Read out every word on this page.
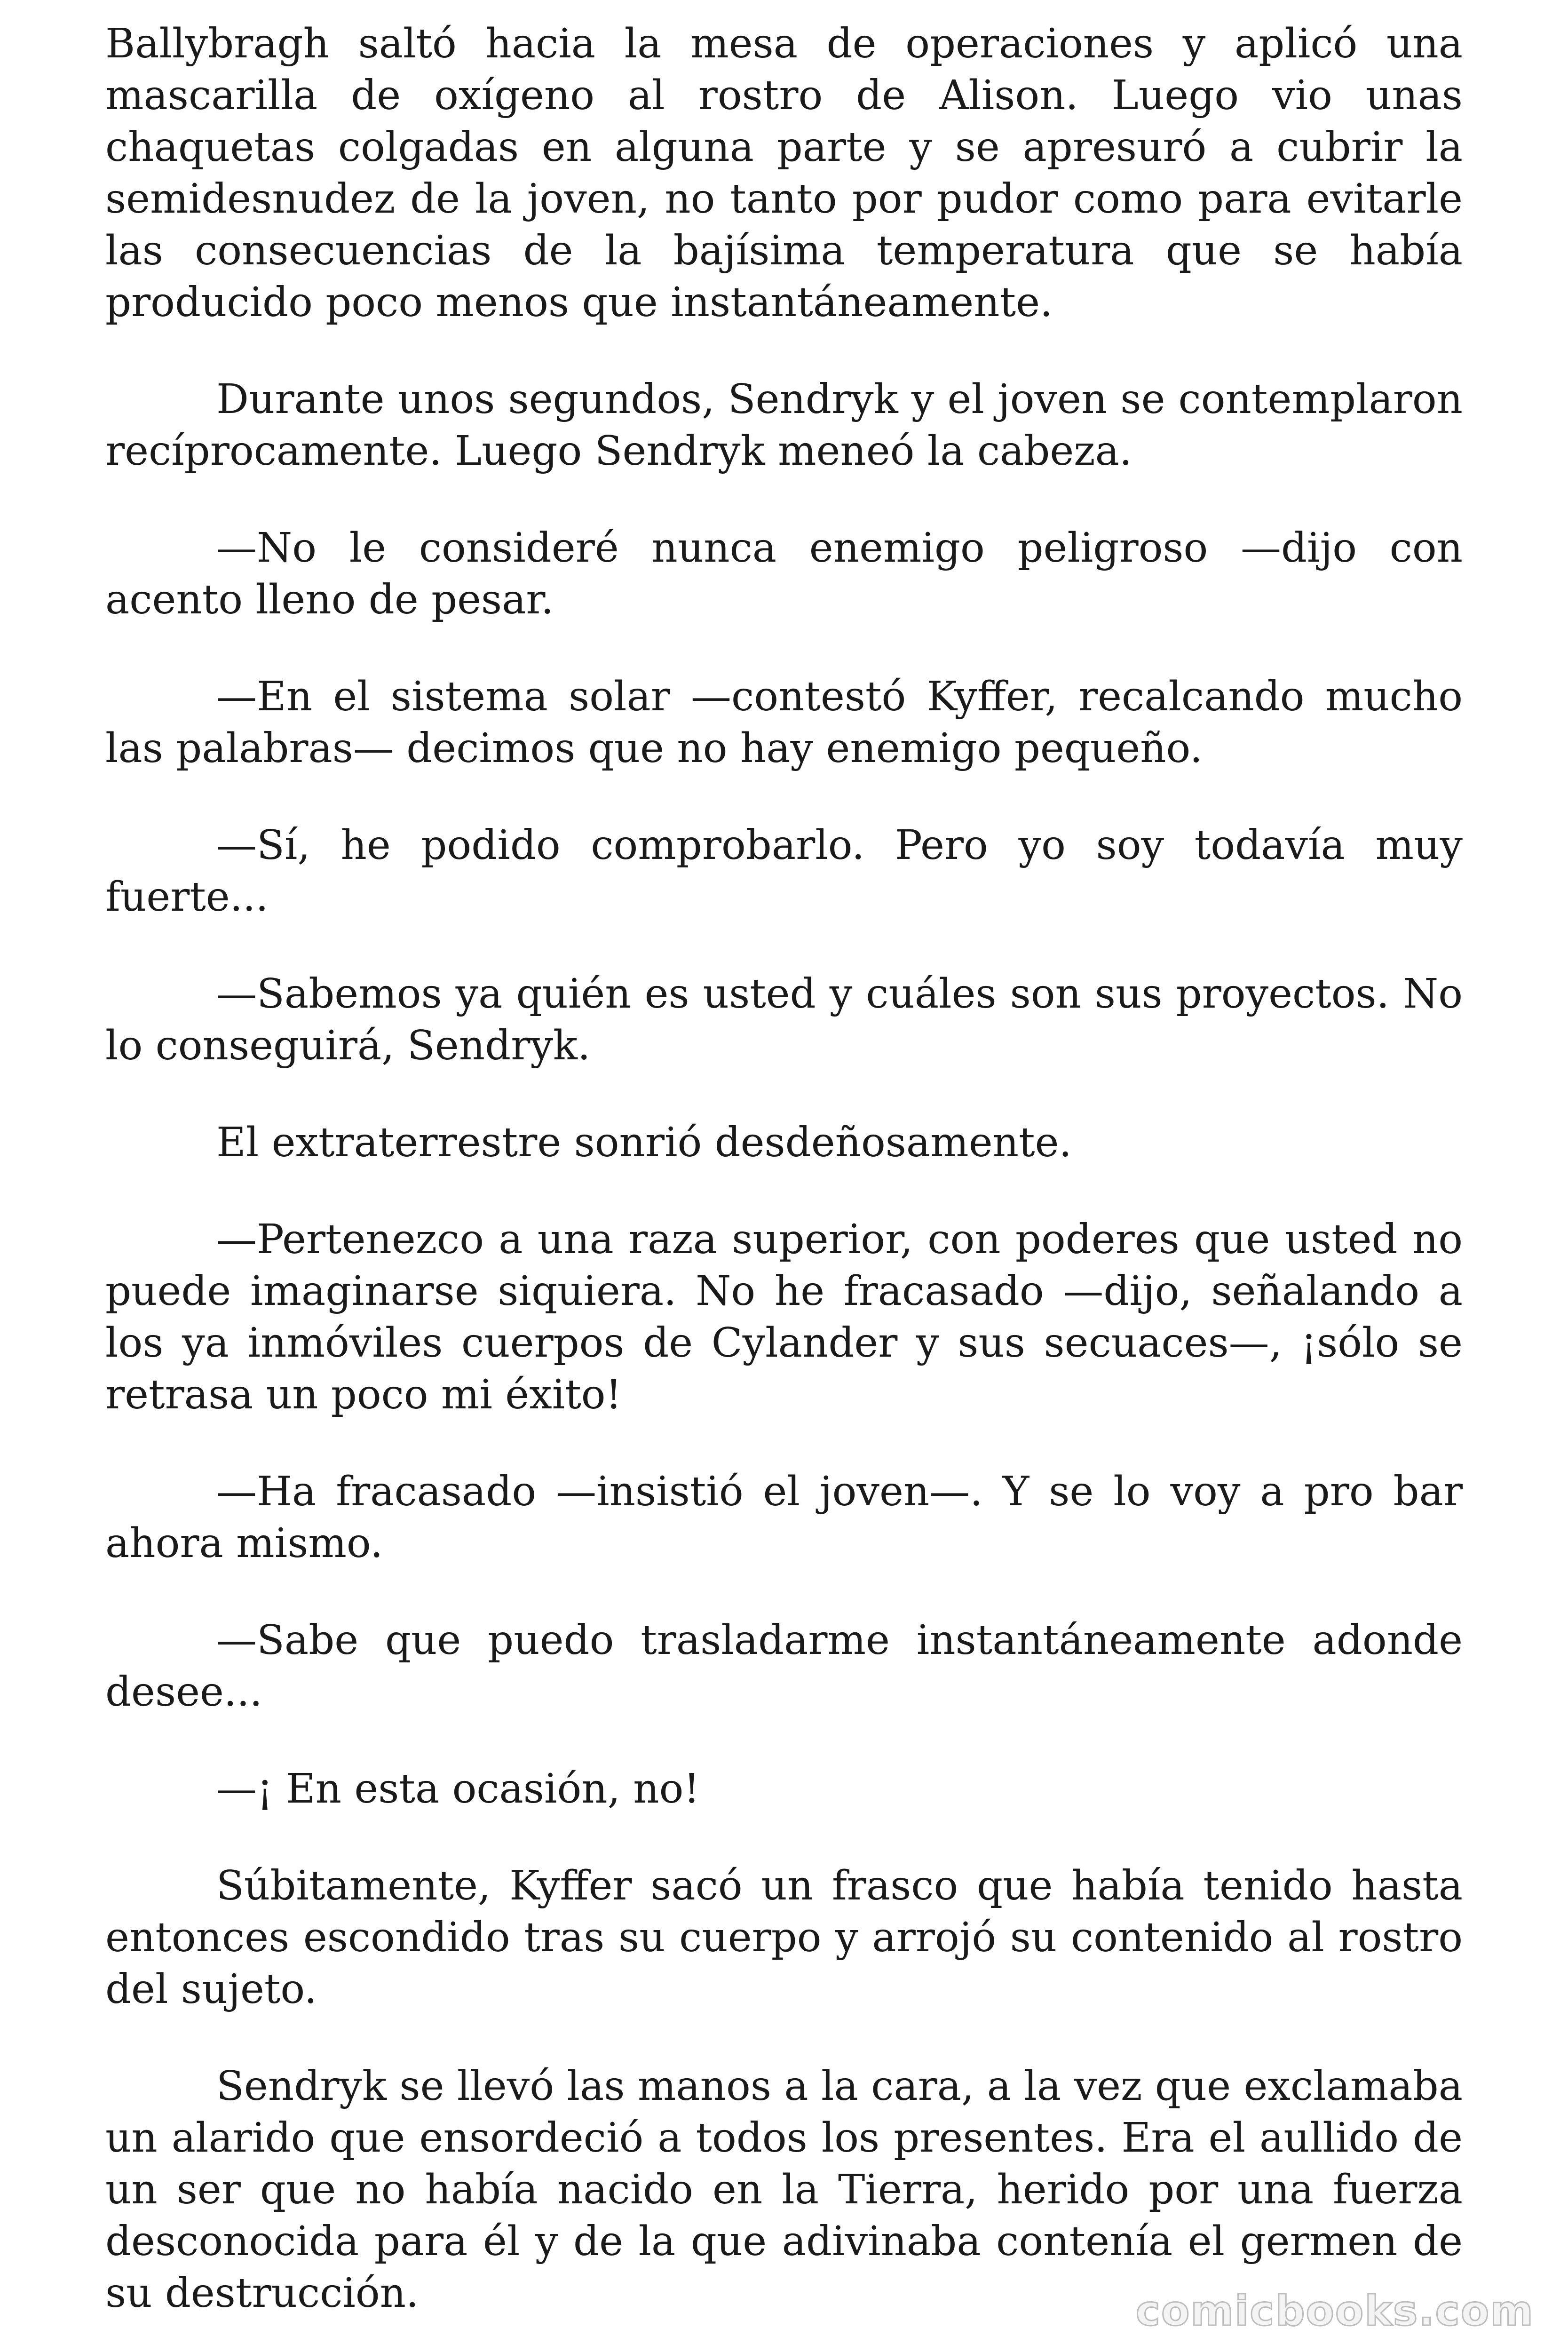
Ballybragh saltó hacia la mesa de operaciones y aplicó una mascarilla de oxígeno al rostro de Alison. Luego vio unas chaquetas colgadas en alguna parte y se apresuró a cubrir la semidesnudez de la joven, no tanto por pudor como para evitarle las consecuencias de la bajísima temperatura que se había producido poco menos que instantáneamente.

Durante unos segundos, Sendryk y el joven se contemplaron recíprocamente. Luego Sendryk meneó la cabeza.

—No le consideré nunca enemigo peligroso —dijo con acento lleno de pesar.

—En el sistema solar —contestó Kyffer, recalcando mucho las palabras— decimos que no hay enemigo pequeño.

—Sí, he podido comprobarlo. Pero yo soy todavía muy fuerte...

—Sabemos ya quién es usted y cuáles son sus proyectos. No lo conseguirá, Sendryk.

El extraterrestre sonrió desdeñosamente.

—Pertenezco a una raza superior, con poderes que usted no puede imaginarse siquiera. No he fracasado —dijo, señalando a los ya inmóviles cuerpos de Cylander y sus secuaces—, ¡sólo se retrasa un poco mi éxito!

—Ha fracasado —insistió el joven—. Y se lo voy a pro bar ahora mismo.

—Sabe que puedo trasladarme instantáneamente adonde desee...

—¡ En esta ocasión, no!

Súbitamente, Kyffer sacó un frasco que había tenido hasta entonces escondido tras su cuerpo y arrojó su contenido al rostro del sujeto.

Sendryk se llevó las manos a la cara, a la vez que exclamaba un alarido que ensordeció a todos los presentes. Era el aullido de un ser que no había nacido en la Tierra, herido por una fuerza desconocida para él y de la que adivinaba contenía el germen de su destrucción.	comicbooks.com
